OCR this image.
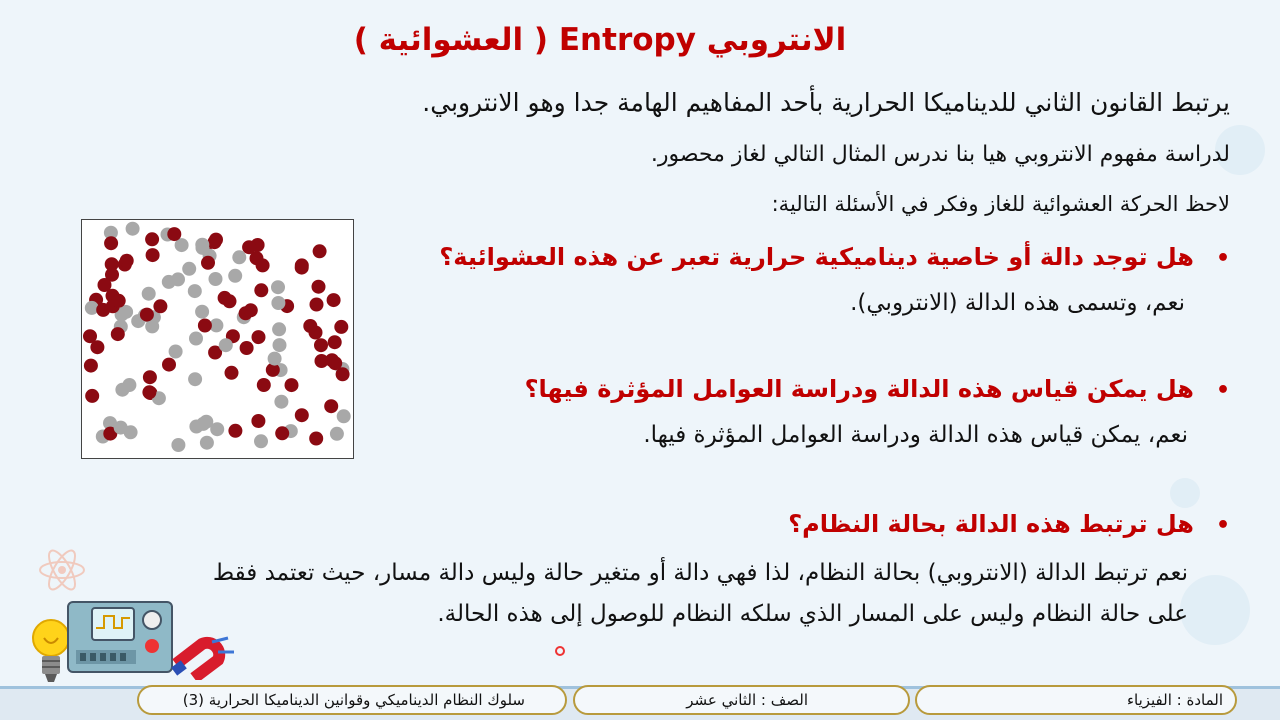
الانتروبي Entropy ( العشوائية )
يرتبط القانون الثاني للديناميكا الحرارية بأحد المفاهيم الهامة جدا وهو الانتروبي.
لدراسة مفهوم الانتروبي هيا بنا ندرس المثال التالي لغاز محصور.
لاحظ الحركة العشوائية للغاز وفكر في الأسئلة التالية:
•هل توجد دالة أو خاصية ديناميكية حرارية تعبر عن هذه العشوائية؟
نعم، وتسمى هذه الدالة (الانتروبي).
•هل يمكن قياس هذه الدالة ودراسة العوامل المؤثرة فيها؟
نعم، يمكن قياس هذه الدالة ودراسة العوامل المؤثرة فيها.
•هل ترتبط هذه الدالة بحالة النظام؟
نعم ترتبط الدالة (الانتروبي) بحالة النظام، لذا فهي دالة أو متغير حالة وليس دالة مسار، حيث تعتمد فقط على حالة النظام وليس على المسار الذي سلكه النظام للوصول إلى هذه الحالة.
المادة : الفيزياء
الصف : الثاني عشر
سلوك النظام الديناميكي وقوانين الديناميكا الحرارية (3)
